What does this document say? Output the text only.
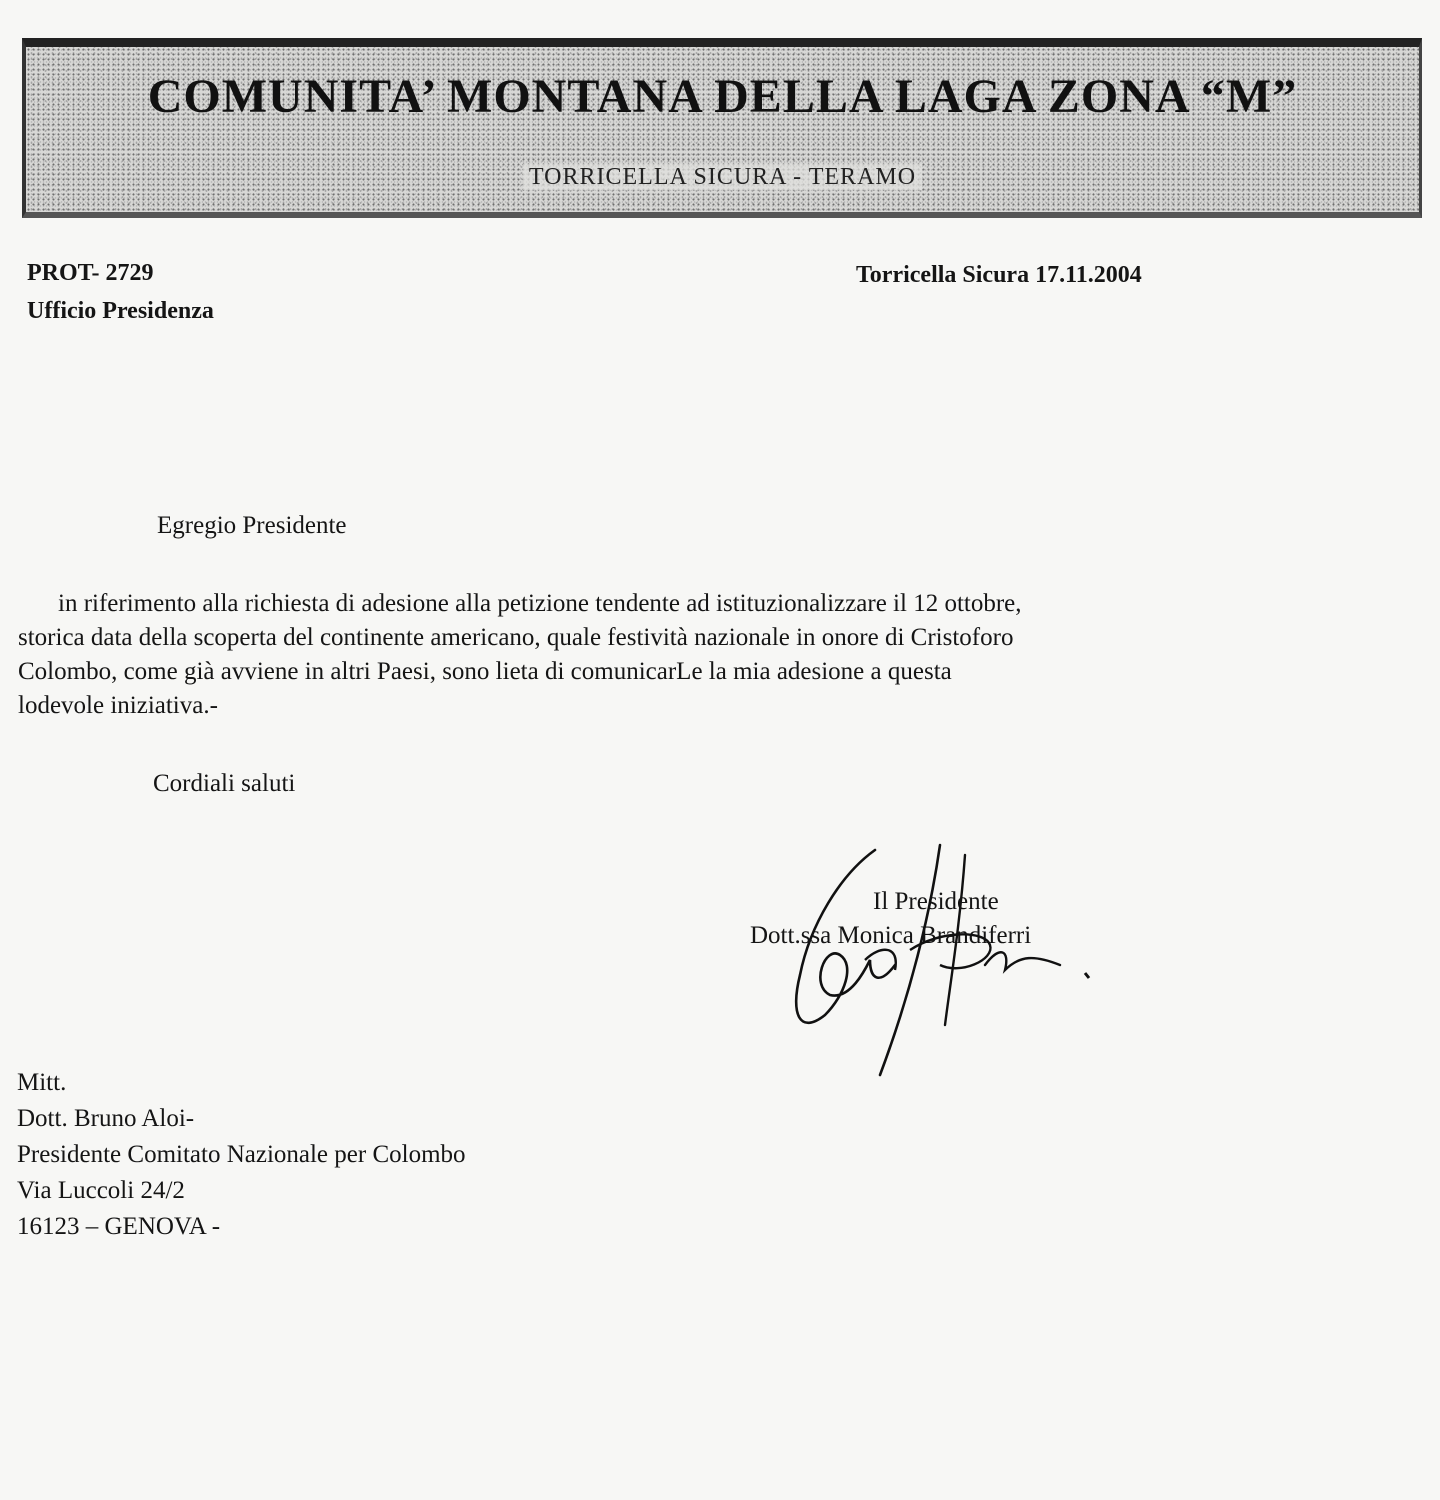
COMUNITA’ MONTANA DELLA LAGA ZONA “M”
TORRICELLA SICURA - TERAMO
PROT- 2729
Ufficio Presidenza
Torricella Sicura 17.11.2004
Egregio Presidente
in riferimento alla richiesta di adesione alla petizione tendente ad istituzionalizzare il 12 ottobre,
storica data della scoperta del continente americano, quale festività nazionale in onore di Cristoforo
Colombo, come già avviene in altri Paesi, sono lieta di comunicarLe la mia adesione a questa
lodevole iniziativa.-
Cordiali saluti
Il Presidente
Dott.ssa Monica Brandiferri
Mitt.
Dott. Bruno Aloi-
Presidente Comitato Nazionale per Colombo
Via Luccoli 24/2
16123 – GENOVA -
